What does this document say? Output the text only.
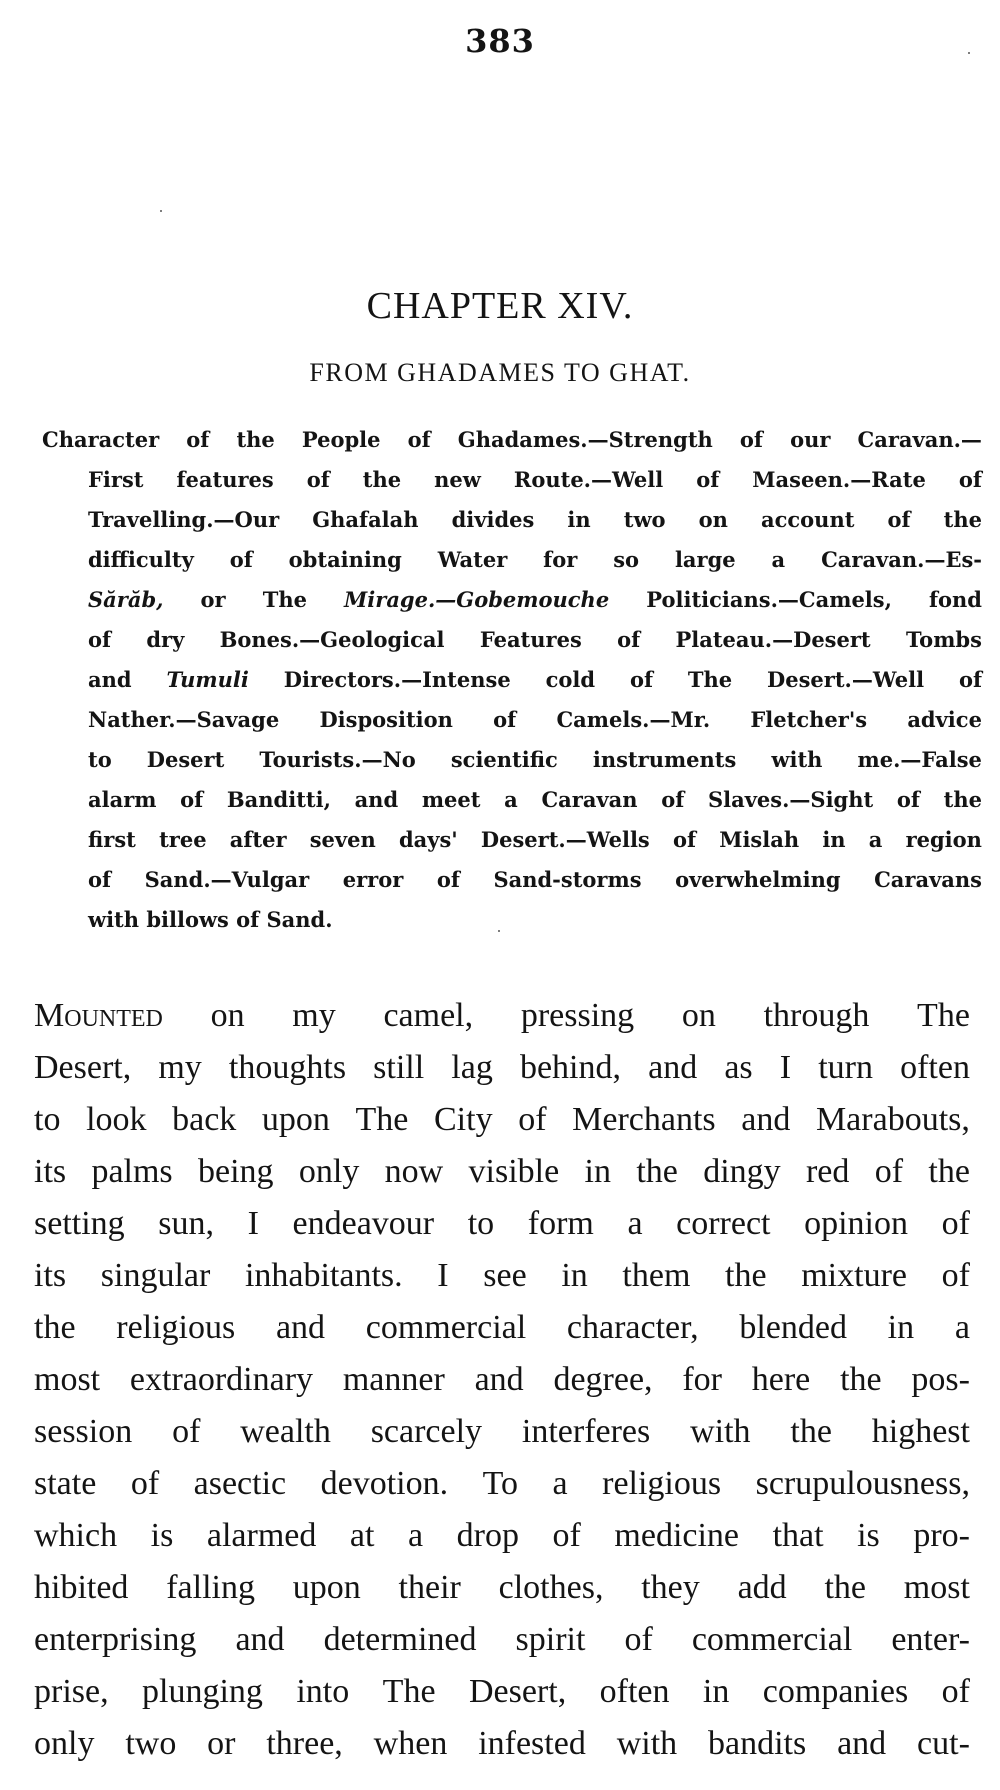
383
CHAPTER XIV.
FROM GHADAMES TO GHAT.
Character of the People of Ghadames.—Strength of our Caravan.—
First features of the new Route.—Well of Maseen.—Rate of
Travelling.—Our Ghafalah divides in two on account of the
difficulty of obtaining Water for so large a Caravan.—Es-
Sărăb, or The Mirage.—Gobemouche Politicians.—Camels, fond
of dry Bones.—Geological Features of Plateau.—Desert Tombs
and Tumuli Directors.—Intense cold of The Desert.—Well of
Nather.—Savage Disposition of Camels.—Mr. Fletcher's advice
to Desert Tourists.—No scientific instruments with me.—False
alarm of Banditti, and meet a Caravan of Slaves.—Sight of the
first tree after seven days' Desert.—Wells of Mislah in a region
of Sand.—Vulgar error of Sand-storms overwhelming Caravans
with billows of Sand.
Mounted on my camel, pressing on through The
Desert, my thoughts still lag behind, and as I turn often
to look back upon The City of Merchants and Marabouts,
its palms being only now visible in the dingy red of the
setting sun, I endeavour to form a correct opinion of
its singular inhabitants. I see in them the mixture of
the religious and commercial character, blended in a
most extraordinary manner and degree, for here the pos-
session of wealth scarcely interferes with the highest
state of asectic devotion. To a religious scrupulousness,
which is alarmed at a drop of medicine that is pro-
hibited falling upon their clothes, they add the most
enterprising and determined spirit of commercial enter-
prise, plunging into The Desert, often in companies of
only two or three, when infested with bandits and cut-
